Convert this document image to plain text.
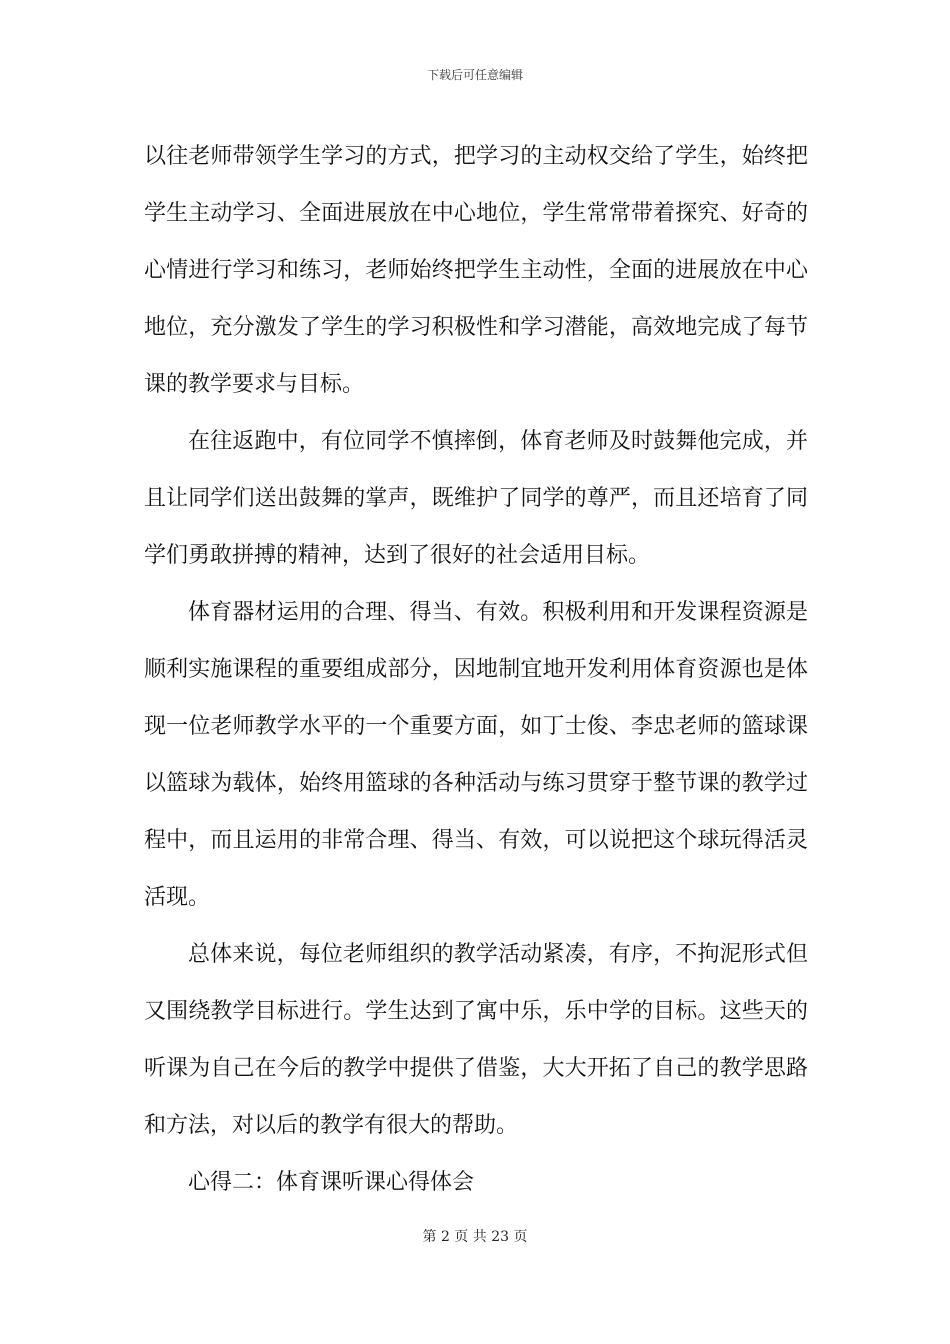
下载后可任意编辑

以往老师带领学生学习的方式，把学习的主动权交给了学生，始终把学生主动学习、全面进展放在中心地位，学生常常带着探究、好奇的心情进行学习和练习，老师始终把学生主动性，全面的进展放在中心地位，充分激发了学生的学习积极性和学习潜能，高效地完成了每节课的教学要求与目标。

在往返跑中，有位同学不慎摔倒，体育老师及时鼓舞他完成，并且让同学们送出鼓舞的掌声，既维护了同学的尊严，而且还培育了同学们勇敢拼搏的精神，达到了很好的社会适用目标。

体育器材运用的合理、得当、有效。积极利用和开发课程资源是顺利实施课程的重要组成部分，因地制宜地开发利用体育资源也是体现一位老师教学水平的一个重要方面，如丁士俊、李忠老师的篮球课以篮球为载体，始终用篮球的各种活动与练习贯穿于整节课的教学过程中，而且运用的非常合理、得当、有效，可以说把这个球玩得活灵活现。

总体来说，每位老师组织的教学活动紧凑，有序，不拘泥形式但又围绕教学目标进行。学生达到了寓中乐，乐中学的目标。这些天的听课为自己在今后的教学中提供了借鉴，大大开拓了自己的教学思路和方法，对以后的教学有很大的帮助。

心得二：体育课听课心得体会

第 2 页 共 23 页
